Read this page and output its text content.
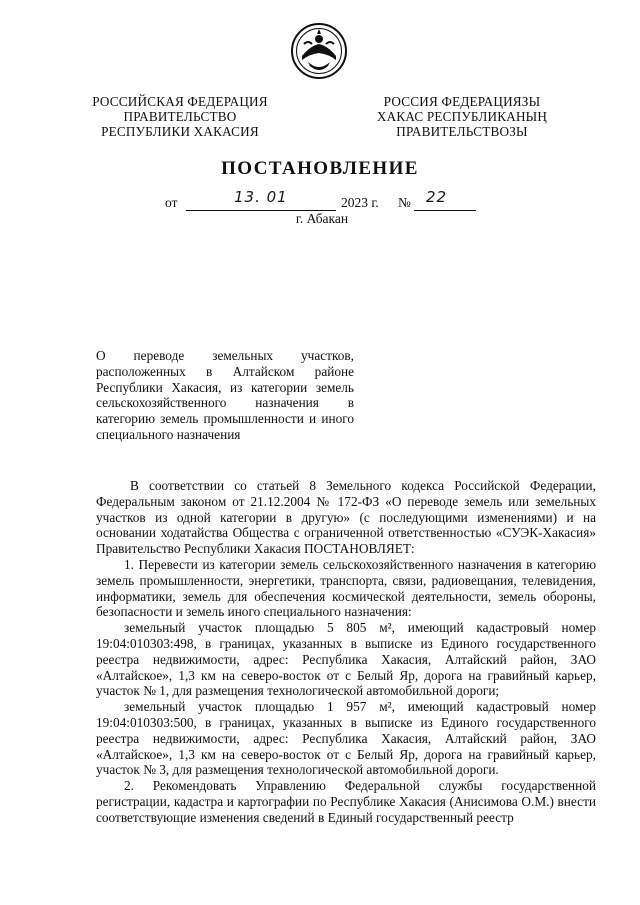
РОССИЙСКАЯ ФЕДЕРАЦИЯ
ПРАВИТЕЛЬСТВО
РЕСПУБЛИКИ ХАКАСИЯ
РОССИЯ ФЕДЕРАЦИЯЗЫ
ХАКАС РЕСПУБЛИКАНЫҢ
ПРАВИТЕЛЬСТВОЗЫ
ПОСТАНОВЛЕНИЕ
от	13. 01	2023 г. № 22
г. Абакан
О переводе земельных участков, расположенных в Алтайском районе Республики Хакасия, из категории земель сельскохозяйственного назначения в категорию земель промышленности и иного специального назначения

В соответствии со статьей 8 Земельного кодекса Российской Федерации, Федеральным законом от 21.12.2004 № 172-ФЗ «О переводе земель или земельных участков из одной категории в другую» (с последующими изменениями) и на основании ходатайства Общества с ограниченной ответственностью «СУЭК-Хакасия» Правительство Республики Хакасия ПОСТАНОВЛЯЕТ:

1. Перевести из категории земель сельскохозяйственного назначения в категорию земель промышленности, энергетики, транспорта, связи, радиовещания, телевидения, информатики, земель для обеспечения космической деятельности, земель обороны, безопасности и земель иного специального назначения:

земельный участок площадью 5 805 м², имеющий кадастровый номер 19:04:010303:498, в границах, указанных в выписке из Единого государственного реестра недвижимости, адрес: Республика Хакасия, Алтайский район, ЗАО «Алтайское», 1,3 км на северо-восток от с Белый Яр, дорога на гравийный карьер, участок № 1, для размещения технологической автомобильной дороги;

земельный участок площадью 1 957 м², имеющий кадастровый номер 19:04:010303:500, в границах, указанных в выписке из Единого государственного реестра недвижимости, адрес: Республика Хакасия, Алтайский район, ЗАО «Алтайское», 1,3 км на северо-восток от с Белый Яр, дорога на гравийный карьер, участок № 3, для размещения технологической автомобильной дороги.

2. Рекомендовать Управлению Федеральной службы государственной регистрации, кадастра и картографии по Республике Хакасия (Анисимова О.М.) внести соответствующие изменения сведений в Единый государственный реестр
